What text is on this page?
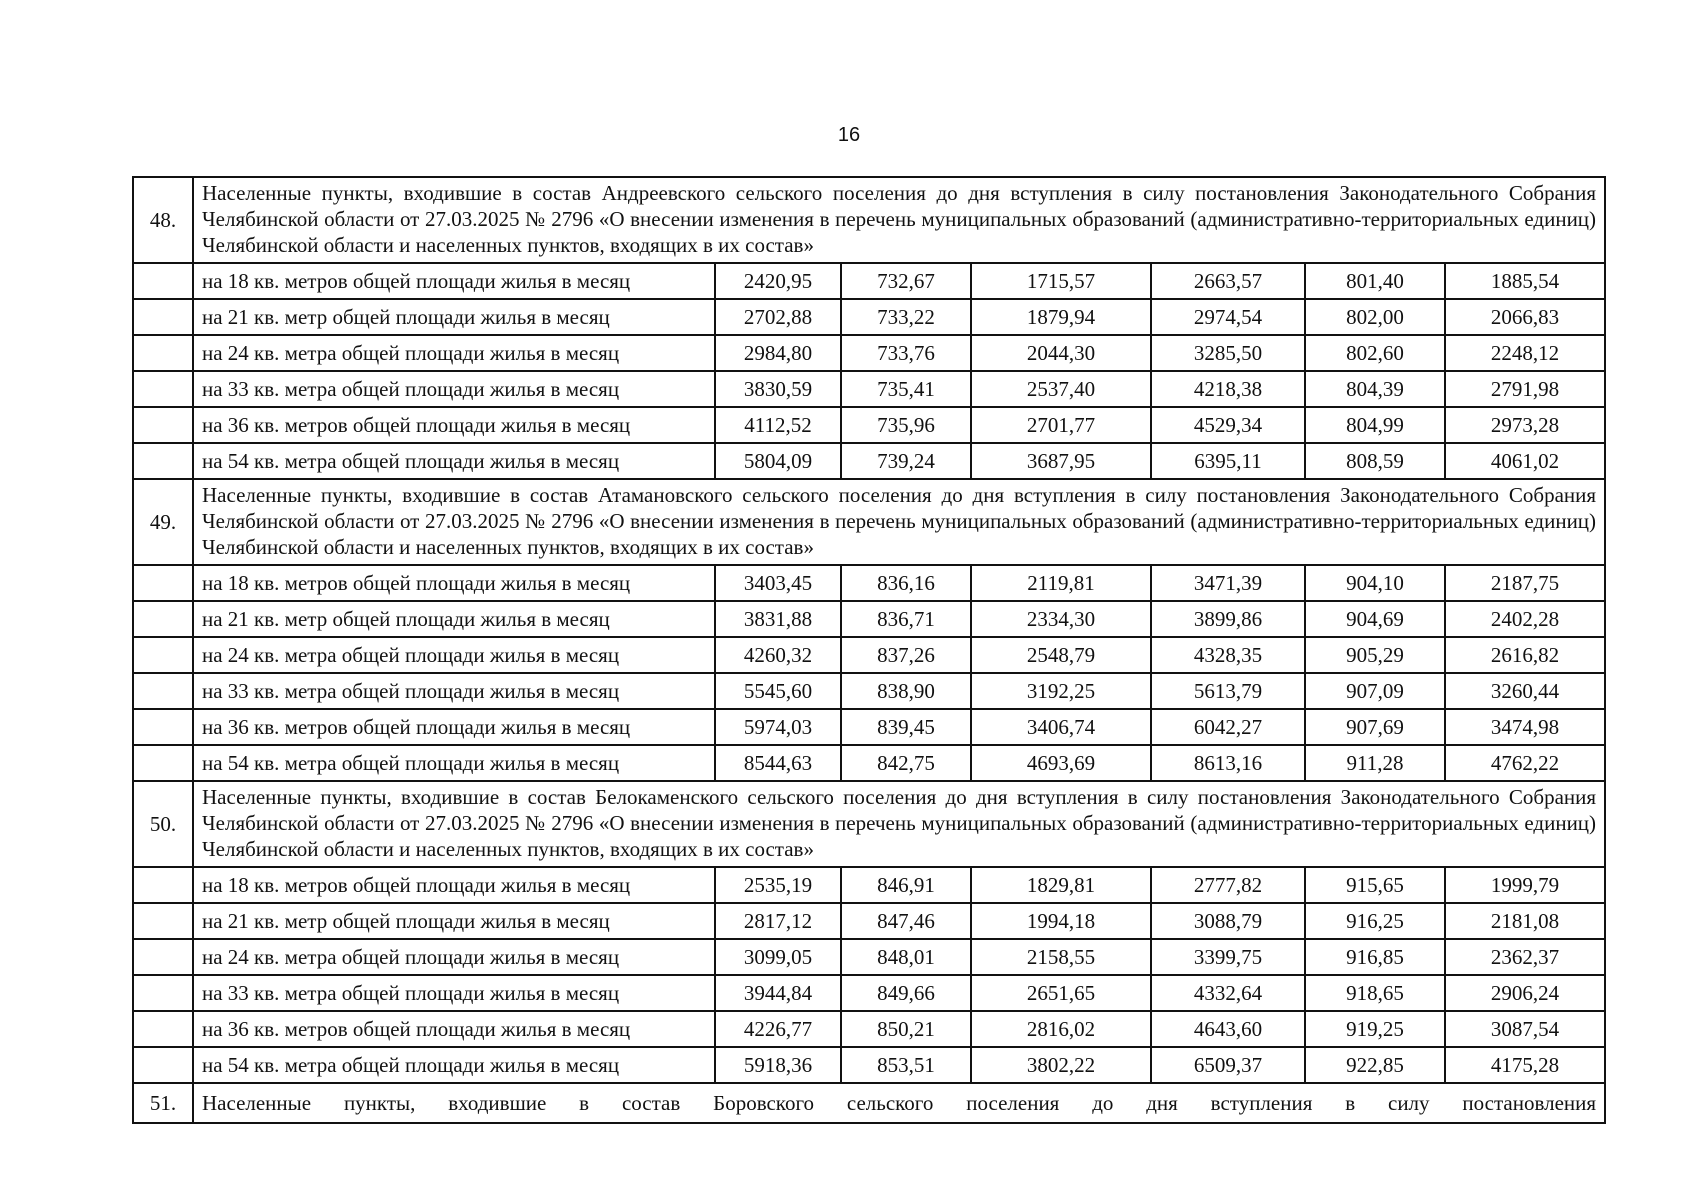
16
48.	Населенные пункты, входившие в состав Андреевского сельского поселения до дня вступления в силу постановления Законодательного Собрания Челябинской области от 27.03.2025 № 2796 «О внесении изменения в перечень муниципальных образований (административно-территориальных единиц) Челябинской области и населенных пунктов, входящих в их состав»						
	на 18 кв. метров общей площади жилья в месяц	2420,95	732,67	1715,57	2663,57	801,40	1885,54
	на 21 кв. метр общей площади жилья в месяц	2702,88	733,22	1879,94	2974,54	802,00	2066,83
	на 24 кв. метра общей площади жилья в месяц	2984,80	733,76	2044,30	3285,50	802,60	2248,12
	на 33 кв. метра общей площади жилья в месяц	3830,59	735,41	2537,40	4218,38	804,39	2791,98
	на 36 кв. метров общей площади жилья в месяц	4112,52	735,96	2701,77	4529,34	804,99	2973,28
	на 54 кв. метра общей площади жилья в месяц	5804,09	739,24	3687,95	6395,11	808,59	4061,02
49.	Населенные пункты, входившие в состав Атамановского сельского поселения до дня вступления в силу постановления Законодательного Собрания Челябинской области от 27.03.2025 № 2796 «О внесении изменения в перечень муниципальных образований (административно-территориальных единиц) Челябинской области и населенных пунктов, входящих в их состав»						
	на 18 кв. метров общей площади жилья в месяц	3403,45	836,16	2119,81	3471,39	904,10	2187,75
	на 21 кв. метр общей площади жилья в месяц	3831,88	836,71	2334,30	3899,86	904,69	2402,28
	на 24 кв. метра общей площади жилья в месяц	4260,32	837,26	2548,79	4328,35	905,29	2616,82
	на 33 кв. метра общей площади жилья в месяц	5545,60	838,90	3192,25	5613,79	907,09	3260,44
	на 36 кв. метров общей площади жилья в месяц	5974,03	839,45	3406,74	6042,27	907,69	3474,98
	на 54 кв. метра общей площади жилья в месяц	8544,63	842,75	4693,69	8613,16	911,28	4762,22
50.	Населенные пункты, входившие в состав Белокаменского сельского поселения до дня вступления в силу постановления Законодательного Собрания Челябинской области от 27.03.2025 № 2796 «О внесении изменения в перечень муниципальных образований (административно-территориальных единиц) Челябинской области и населенных пунктов, входящих в их состав»						
	на 18 кв. метров общей площади жилья в месяц	2535,19	846,91	1829,81	2777,82	915,65	1999,79
	на 21 кв. метр общей площади жилья в месяц	2817,12	847,46	1994,18	3088,79	916,25	2181,08
	на 24 кв. метра общей площади жилья в месяц	3099,05	848,01	2158,55	3399,75	916,85	2362,37
	на 33 кв. метра общей площади жилья в месяц	3944,84	849,66	2651,65	4332,64	918,65	2906,24
	на 36 кв. метров общей площади жилья в месяц	4226,77	850,21	2816,02	4643,60	919,25	3087,54
	на 54 кв. метра общей площади жилья в месяц	5918,36	853,51	3802,22	6509,37	922,85	4175,28
51.	Населенные пункты, входившие в состав Боровского сельского поселения до дня вступления в силу постановления						
